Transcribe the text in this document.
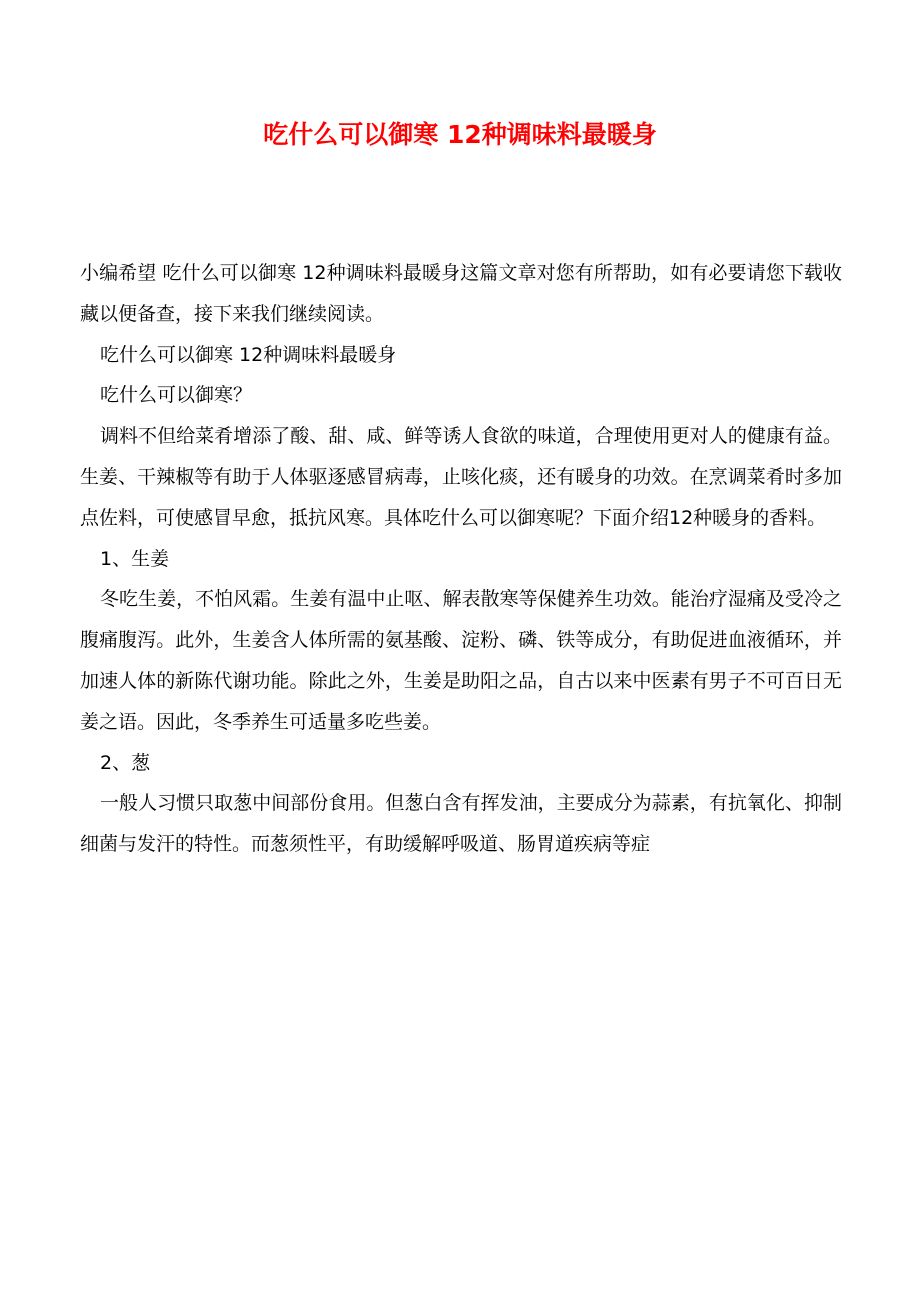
吃什么可以御寒 12种调味料最暖身

小编希望 吃什么可以御寒 12种调味料最暖身这篇文章对您有所帮助，如有必要请您下载收藏以便备查，接下来我们继续阅读。

吃什么可以御寒 12种调味料最暖身

吃什么可以御寒？

调料不但给菜肴增添了酸、甜、咸、鲜等诱人食欲的味道，合理使用更对人的健康有益。生姜、干辣椒等有助于人体驱逐感冒病毒，止咳化痰，还有暖身的功效。在烹调菜肴时多加点佐料，可使感冒早愈，抵抗风寒。具体吃什么可以御寒呢？下面介绍12种暖身的香料。

1、生姜

冬吃生姜，不怕风霜。生姜有温中止呕、解表散寒等保健养生功效。能治疗湿痛及受冷之腹痛腹泻。此外，生姜含人体所需的氨基酸、淀粉、磷、铁等成分，有助促进血液循环，并加速人体的新陈代谢功能。除此之外，生姜是助阳之品，自古以来中医素有男子不可百日无姜之语。因此，冬季养生可适量多吃些姜。

2、葱

一般人习惯只取葱中间部份食用。但葱白含有挥发油，主要成分为蒜素，有抗氧化、抑制细菌与发汗的特性。而葱须性平，有助缓解呼吸道、肠胃道疾病等症
